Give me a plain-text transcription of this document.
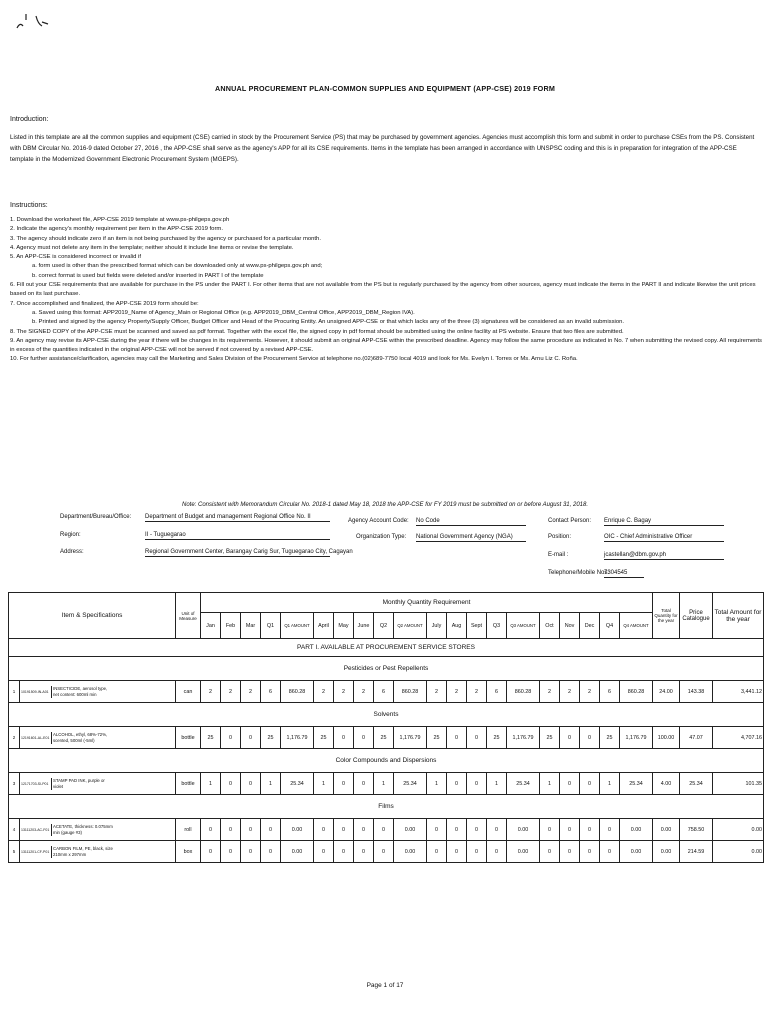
ANNUAL PROCUREMENT PLAN-COMMON SUPPLIES AND EQUIPMENT (APP-CSE) 2019 FORM
Introduction:
Listed in this template are all the common supplies and equipment (CSE) carried in stock by the Procurement Service (PS) that may be purchased by government agencies. Agencies must accomplish this form and submit in order to purchase CSEs from the PS. Consistent with DBM Circular No. 2016-9 dated October 27, 2016 , the APP-CSE shall serve as the agency's APP for all its CSE requirements. Items in the template has been arranged in accordance with UNSPSC coding and this is in preparation for integration of the APP-CSE template in the Modernized Government Electronic Procurement System (MGEPS).
Instructions:
1. Download the worksheet file, APP-CSE 2019 template at www.ps-philgeps.gov.ph
2. Indicate the agency's monthly requirement per item in the APP-CSE 2019 form.
3. The agency should indicate zero if an item is not being purchased by the agency or purchased for a particular month.
4. Agency must not delete any item in the template; neither should it include line items or revise the template.
5. An APP-CSE is considered incorrect or invalid if
a. form used is other than the prescribed format which can be downloaded only at www.ps-philgeps.gov.ph and;
b. correct format is used but fields were deleted and/or inserted in PART I of the template
6. Fill out your CSE requirements that are available for purchase in the PS under the PART I. For other items that are not available from the PS but is regularly purchased by the agency from other sources, agency must indicate the items in the PART II and indicate likewise the unit prices based on its last purchase.
7. Once accomplished and finalized, the APP-CSE 2019 form should be:
a. Saved using this format: APP2019_Name of Agency_Main or Regional Office (e.g. APP2019_DBM_Central Office, APP2019_DBM_Region IVA).
b. Printed and signed by the agency Property/Supply Officer, Budget Officer and Head of the Procuring Entity. An unsigned APP-CSE or that which lacks any of the three (3) signatures will be considered as an invalid submission.
8. The SIGNED COPY of the APP-CSE must be scanned and saved as pdf format. Together with the excel file, the signed copy in pdf format should be submitted using the online facility at PS website. Ensure that two files are submitted.
9. An agency may revise its APP-CSE during the year if there will be changes in its requirements. However, it should submit an original APP-CSE within the prescribed deadline. Agency may follow the same procedure as indicated in No. 7 when submitting the revised copy. All requirements in excess of the quantities indicated in the original APP-CSE will not be served if not covered by a revised APP-CSE.
10. For further assistance/clarification, agencies may call the Marketing and Sales Division of the Procurement Service at telephone no.(02)689-7750 local 4019 and look for Ms. Evelyn I. Torres or Ms. Arnu Liz C. Roña.
Note: Consistent with Memorandum Circular No. 2018-1 dated May 18, 2018 the APP-CSE for FY 2019 must be submitted on or before August 31, 2018.
Department/Bureau/Office: Department of Budget and management Regional Office No. II
Region:	II - Tuguegarao
Address:	Regional Government Center, Barangay Carig Sur, Tuguegarao City, Cagayan
Agency Account Code: No Code
Organization Type: National Government Agency (NGA)
Contact Person: Enrique C. Bagay
Position:	OIC - Chief Administrative Officer
E-mail :	jcastellan@dbm.gov.ph
Telephone/Mobile Nos:
7304545
Item & Specifications		Unit of Measure	Monthly Quantity Requirement																				Total Quantity for the year	Price Catalogue	Total Amount for the year
			Jan	Feb	Mar	Q1	Q1 AMOUNT	April	May	June	Q2	Q2 AMOUNT	July	Aug	Sept	Q3	Q3 AMOUNT	Oct	Nov	Dec	Q4	Q4 AMOUNT			
PART I. AVAILABLE AT PROCUREMENT SERVICE STORES																									
Pesticides or Pest Repellents																									
1	10191509-IN-A01INSECTICIDE, aerosol type, net content: 600ml min	can	2	2	2	6	860.28	2	2	2	6	860.28	2	2	2	6	860.28	2	2	2	6	860.28	24.00	143.38	3,441.12
Solvents																									
2	12191601-AL-E01ALCOHOL, ethyl, 68%-72%, scented, 500ml (-5ml)	bottle	25	0	0	25	1,176.79	25	0	0	25	1,176.79	25	0	0	25	1,176.79	25	0	0	25	1,176.79	100.00	47.07	4,707.16
Color Compounds and Dispersions																									
3	12171703-SI-P01STAMP PAD INK, purple or violet	bottle	1	0	0	1	25.34	1	0	0	1	25.34	1	0	0	1	25.34	1	0	0	1	25.34	4.00	25.34	101.35
Films																									
4	13111203-AC-F01ACETATE, thickness: 0.075mm min (gauge #3)	roll	0	0	0	0	0.00	0	0	0	0	0.00	0	0	0	0	0.00	0	0	0	0	0.00	0.00	758.50	0.00
5	13111201-CF-P01CARBON FILM, PE, black, size 210mm x 297mm	box	0	0	0	0	0.00	0	0	0	0	0.00	0	0	0	0	0.00	0	0	0	0	0.00	0.00	214.59	0.00
Page 1 of 17
